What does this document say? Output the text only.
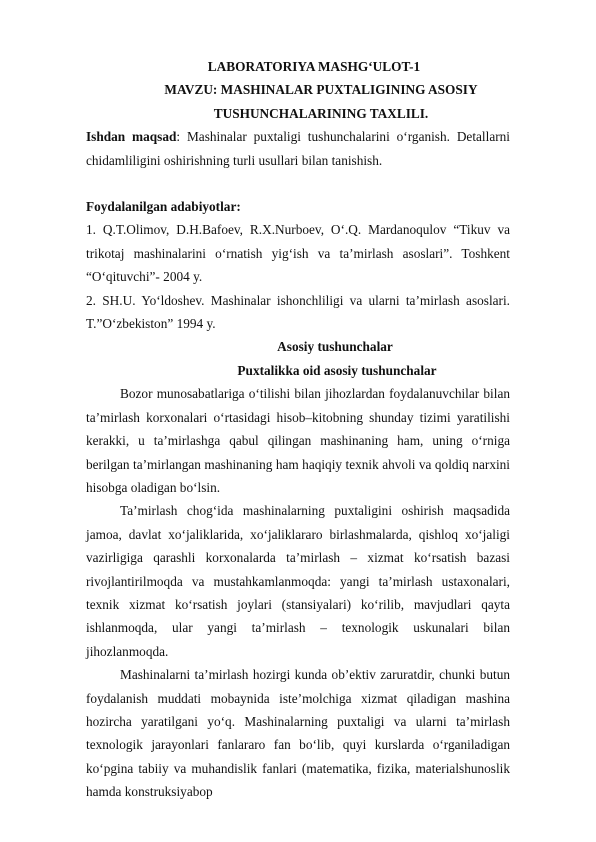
LABORATORIYA MASHG‘ULOT-1
MAVZU: MASHINALAR PUXTALIGINING ASOSIY
TUSHUNCHALARINING TAXLILI.

Ishdan maqsad: Mashinalar puxtaligi tushunchalarini o‘rganish. Detallarni chidamliligini oshirishning turli usullari bilan tanishish.

Foydalanilgan adabiyotlar:

1. Q.T.Olimov, D.H.Bafoev, R.X.Nurboev, O‘.Q. Mardanoqulov “Tikuv va trikotaj mashinalarini o‘rnatish yig‘ish va ta’mirlash asoslari”. Toshkent “O‘qituvchi”- 2004 y.

2. SH.U. Yo‘ldoshev. Mashinalar ishonchliligi va ularni ta’mirlash asoslari. T.”O‘zbekiston” 1994 y.

Asosiy tushunchalar
Puxtalikka oid asosiy tushunchalar

Bozor munosabatlariga o‘tilishi bilan jihozlardan foydalanuvchilar bilan ta’mirlash korxonalari o‘rtasidagi hisob–kitobning shunday tizimi yaratilishi kerakki, u ta’mirlashga qabul qilingan mashinaning ham, uning o‘rniga berilgan ta’mirlangan mashinaning ham haqiqiy texnik ahvoli va qoldiq narxini hisobga oladigan bo‘lsin.

Ta’mirlash chog‘ida mashinalarning puxtaligini oshirish maqsadida jamoa, davlat xo‘jaliklarida, xo‘jaliklararo birlashmalarda, qishloq xo‘jaligi vazirligiga qarashli korxonalarda ta’mirlash – xizmat ko‘rsatish bazasi rivojlantirilmoqda va mustahkamlanmoqda: yangi ta’mirlash ustaxonalari, texnik xizmat ko‘rsatish joylari (stansiyalari) ko‘rilib, mavjudlari qayta ishlanmoqda, ular yangi ta’mirlash – texnologik uskunalari bilan jihozlanmoqda.

Mashinalarni ta’mirlash hozirgi kunda ob’ektiv zaruratdir, chunki butun foydalanish muddati mobaynida iste’molchiga xizmat qiladigan mashina hozircha yaratilgani yo‘q. Mashinalarning puxtaligi va ularni ta’mirlash texnologik jarayonlari fanlararo fan bo‘lib, quyi kurslarda o‘rganiladigan ko‘pgina tabiiy va muhandislik fanlari (matematika, fizika, materialshunoslik hamda konstruksiyabop
